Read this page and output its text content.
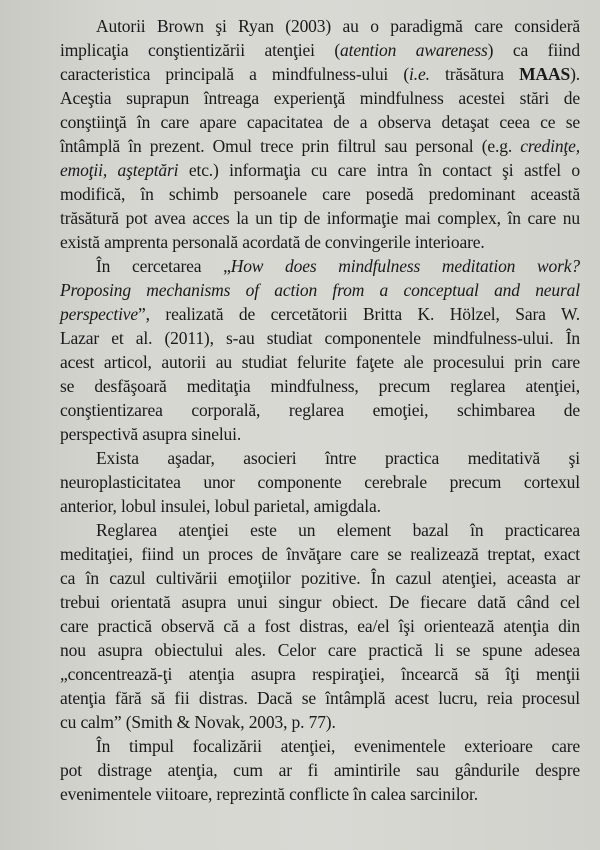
Autorii Brown şi Ryan (2003) au o paradigmă care consideră
implicaţia conştientizării atenţiei (atention awareness) ca fiind
caracteristica principală a mindfulness-ului (i.e. trăsătura MAAS).
Aceştia suprapun întreaga experienţă mindfulness acestei stări de
conştiinţă în care apare capacitatea de a observa detaşat ceea ce se
întâmplă în prezent. Omul trece prin filtrul sau personal (e.g. credinţe,
emoţii, aşteptări etc.) informaţia cu care intra în contact şi astfel o
modifică, în schimb persoanele care posedă predominant această
trăsătură pot avea acces la un tip de informaţie mai complex, în care nu
există amprenta personală acordată de convingerile interioare.
În cercetarea „How does mindfulness meditation work?
Proposing mechanisms of action from a conceptual and neural
perspective”, realizată de cercetătorii Britta K. Hölzel, Sara W.
Lazar et al. (2011), s-au studiat componentele mindfulness-ului. În
acest articol, autorii au studiat felurite faţete ale procesului prin care
se desfăşoară meditaţia mindfulness, precum reglarea atenţiei,
conştientizarea corporală, reglarea emoţiei, schimbarea de
perspectivă asupra sinelui.
Exista aşadar, asocieri între practica meditativă şi
neuroplasticitatea unor componente cerebrale precum cortexul
anterior, lobul insulei, lobul parietal, amigdala.
Reglarea atenţiei este un element bazal în practicarea
meditaţiei, fiind un proces de învăţare care se realizează treptat, exact
ca în cazul cultivării emoţiilor pozitive. În cazul atenţiei, aceasta ar
trebui orientată asupra unui singur obiect. De fiecare dată când cel
care practică observă că a fost distras, ea/el îşi orientează atenţia din
nou asupra obiectului ales. Celor care practică li se spune adesea
„concentrează-ţi atenţia asupra respiraţiei, încearcă să îţi menţii
atenţia fără să fii distras. Dacă se întâmplă acest lucru, reia procesul
cu calm” (Smith & Novak, 2003, p. 77).
În timpul focalizării atenţiei, evenimentele exterioare care
pot distrage atenţia, cum ar fi amintirile sau gândurile despre
evenimentele viitoare, reprezintă conflicte în calea sarcinilor.
